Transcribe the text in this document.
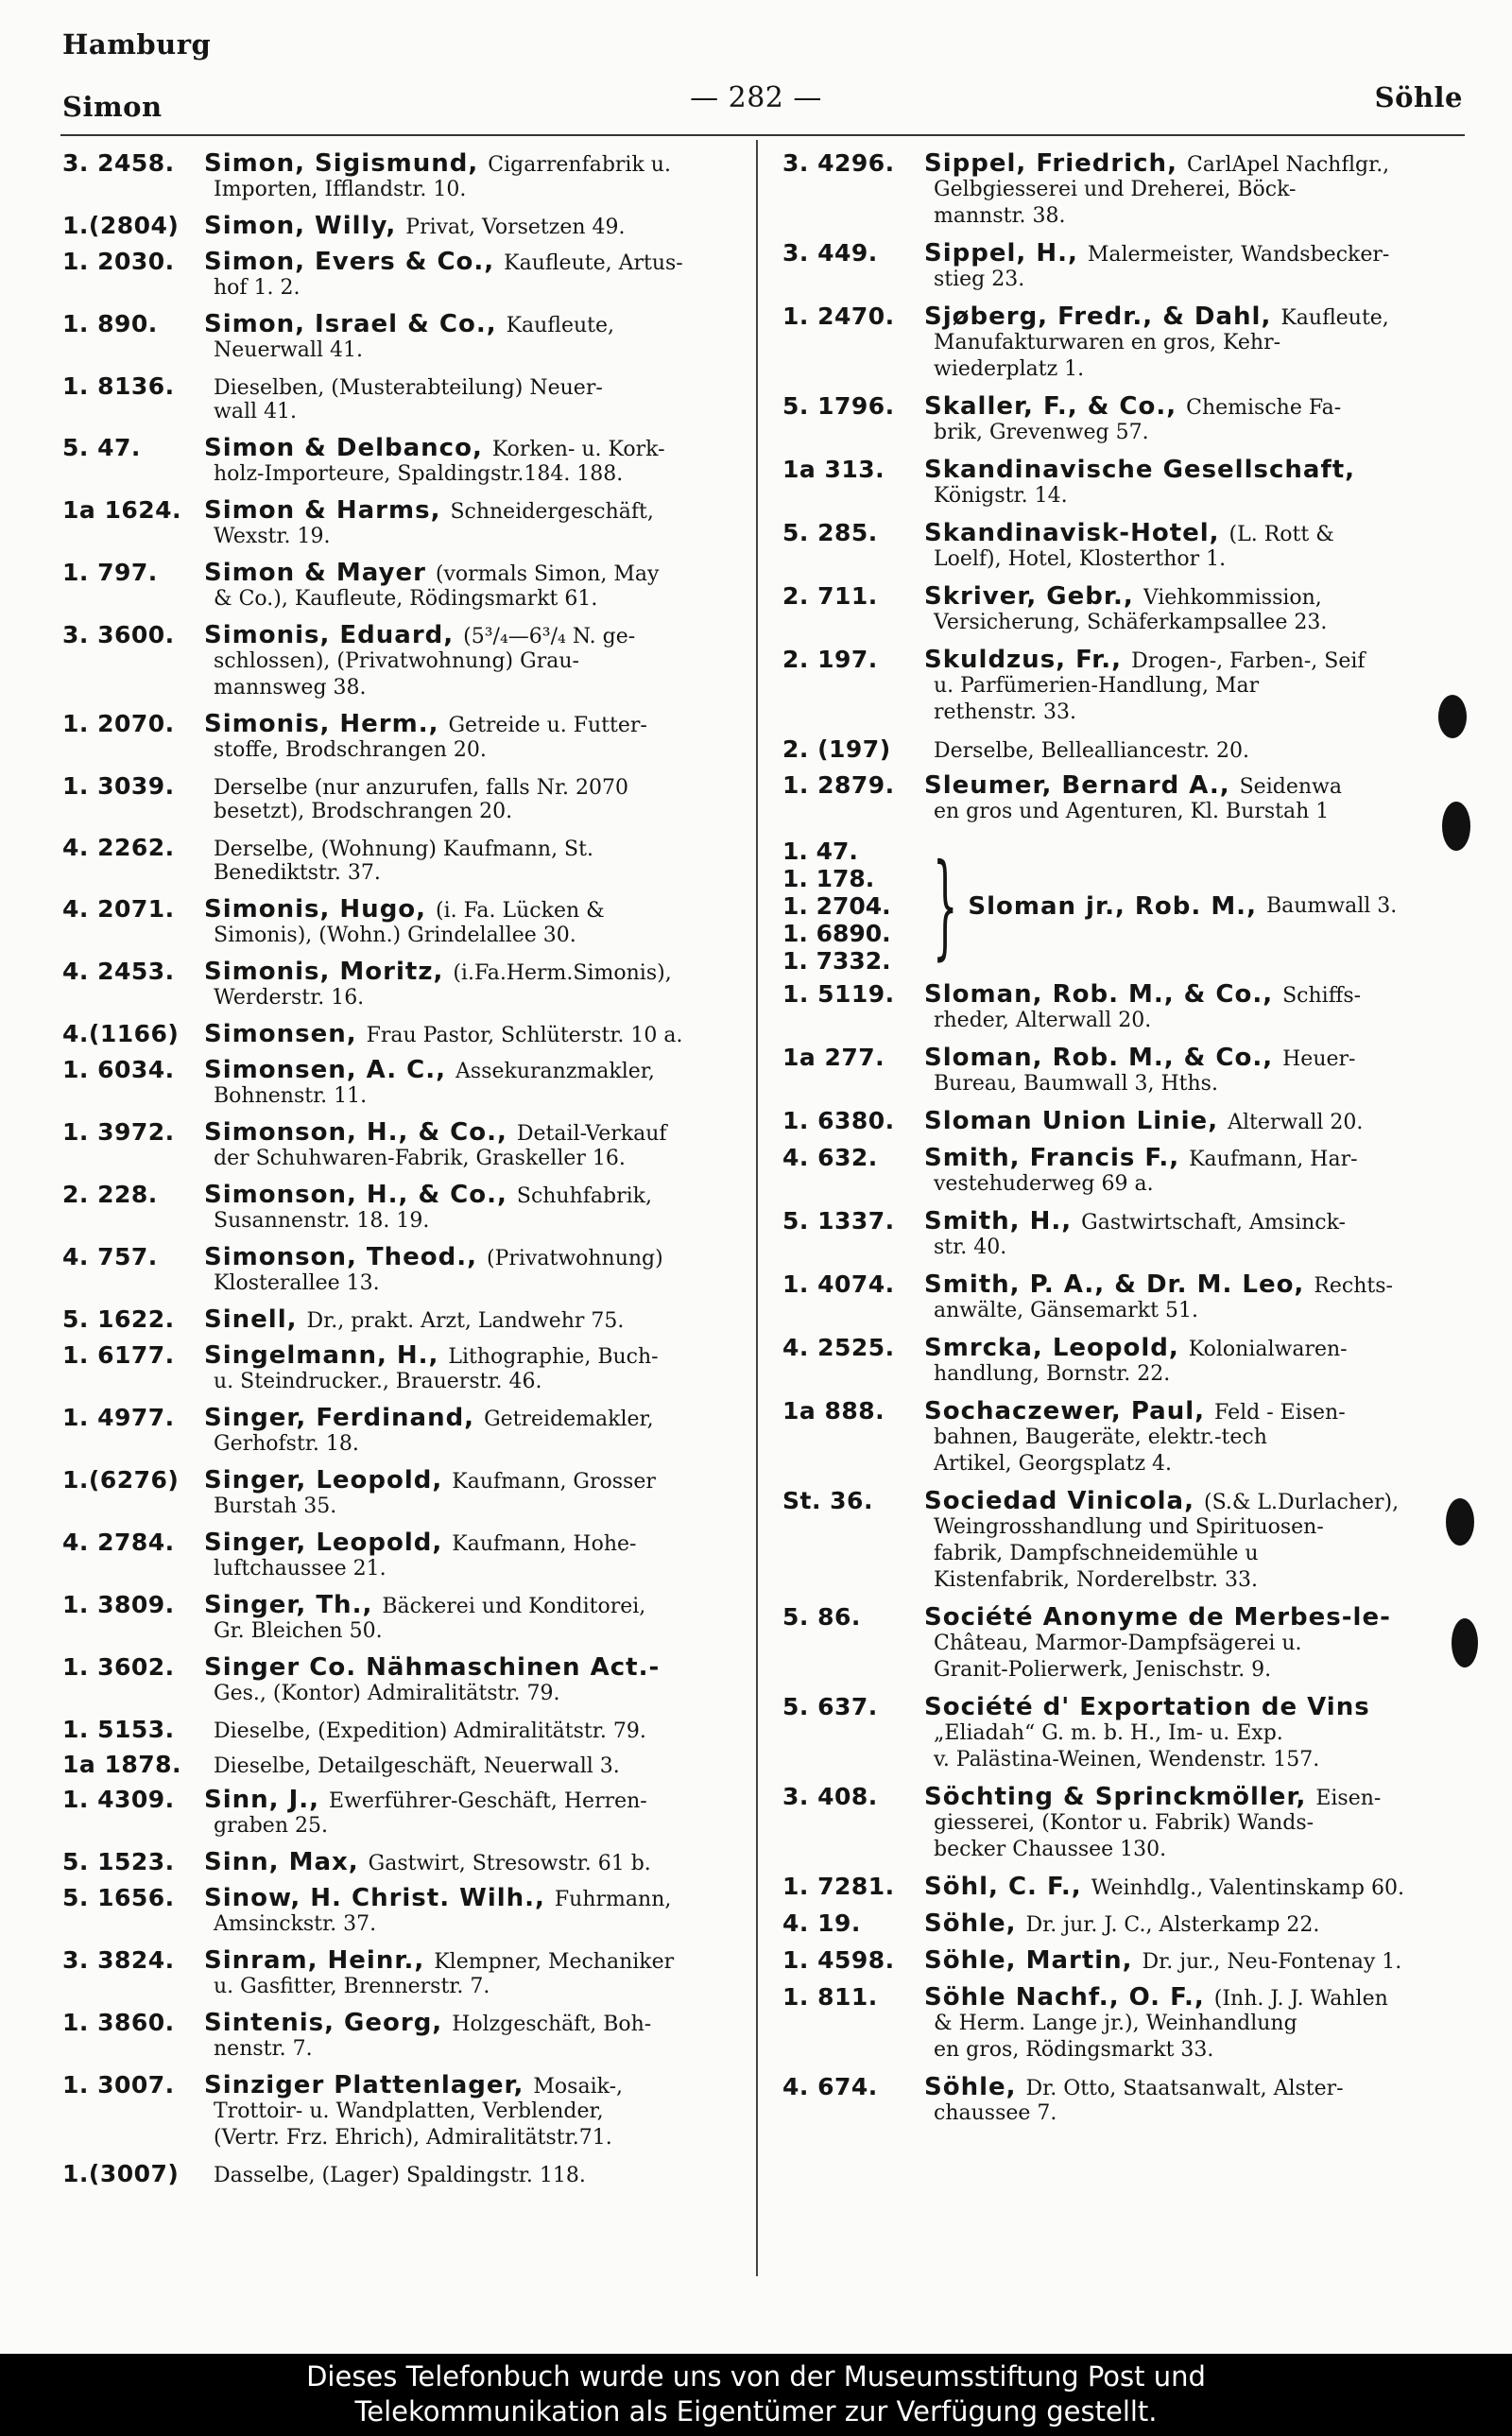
Hamburg
Simon	— 282 —	Söhle
3. 2458.	Simon, Sigismund, Cigarrenfabrik u.
Importen, Ifflandstr. 10.
1.(2804)	Simon, Willy, Privat, Vorsetzen 49.
1. 2030.	Simon, Evers & Co., Kaufleute, Artus-
hof 1. 2.
1. 890.	Simon, Israel & Co., Kaufleute,
Neuerwall 41.
1. 8136.	Dieselben, (Musterabteilung) Neuer-
wall 41.
5. 47.	Simon & Delbanco, Korken- u. Kork-
holz-Importeure, Spaldingstr.184. 188.
1a 1624. Simon & Harms, Schneidergeschäft,
Wexstr. 19.
1. 797.	Simon & Mayer (vormals Simon, May
& Co.), Kaufleute, Rödingsmarkt 61.
3. 3600.	Simonis, Eduard, (5³/₄—6³/₄ N. ge-
schlossen), (Privatwohnung) Grau-
mannsweg 38.
1. 2070.	Simonis, Herm., Getreide u. Futter-
stoffe, Brodschrangen 20.
1. 3039.	Derselbe (nur anzurufen, falls Nr. 2070
besetzt), Brodschrangen 20.
4. 2262.	Derselbe, (Wohnung) Kaufmann, St.
Benediktstr. 37.
4. 2071.	Simonis, Hugo, (i. Fa. Lücken &
Simonis), (Wohn.) Grindelallee 30.
4. 2453.	Simonis, Moritz, (i.Fa.Herm.Simonis),
Werderstr. 16.
4.(1166)	Simonsen, Frau Pastor, Schlüterstr. 10 a.
1. 6034.	Simonsen, A. C., Assekuranzmakler,
Bohnenstr. 11.
1. 3972.	Simonson, H., & Co., Detail-Verkauf
der Schuhwaren-Fabrik, Graskeller 16.
2. 228.	Simonson, H., & Co., Schuhfabrik,
Susannenstr. 18. 19.
4. 757.	Simonson, Theod., (Privatwohnung)
Klosterallee 13.
5. 1622.	Sinell, Dr., prakt. Arzt, Landwehr 75.
1. 6177.	Singelmann, H., Lithographie, Buch-
u. Steindrucker., Brauerstr. 46.
1. 4977.	Singer, Ferdinand, Getreidemakler,
Gerhofstr. 18.
1.(6276)	Singer, Leopold, Kaufmann, Grosser
Burstah 35.
4. 2784.	Singer, Leopold, Kaufmann, Hohe-
luftchaussee 21.
1. 3809.	Singer, Th., Bäckerei und Konditorei,
Gr. Bleichen 50.
1. 3602.	Singer Co. Nähmaschinen Act.-
Ges., (Kontor) Admiralitätstr. 79.
1. 5153.	Dieselbe, (Expedition) Admiralitätstr. 79.
1a 1878.	Dieselbe, Detailgeschäft, Neuerwall 3.
1. 4309.	Sinn, J., Ewerführer-Geschäft, Herren-
graben 25.
5. 1523.	Sinn, Max, Gastwirt, Stresowstr. 61 b.
5. 1656.	Sinow, H. Christ. Wilh., Fuhrmann,
Amsinckstr. 37.
3. 3824.	Sinram, Heinr., Klempner, Mechaniker
u. Gasfitter, Brennerstr. 7.
1. 3860.	Sintenis, Georg, Holzgeschäft, Boh-
nenstr. 7.
1. 3007.	Sinziger Plattenlager, Mosaik-,
Trottoir- u. Wandplatten, Verblender,
(Vertr. Frz. Ehrich), Admiralitätstr.71.
1.(3007)	Dasselbe, (Lager) Spaldingstr. 118.
3. 4296.	Sippel, Friedrich, CarlApel Nachflgr.,
Gelbgiesserei und Dreherei, Böck-
mannstr. 38.
3. 449.	Sippel, H., Malermeister, Wandsbecker-
stieg 23.
1. 2470.	Sjøberg, Fredr., & Dahl, Kaufleute,
Manufakturwaren en gros, Kehr-
wiederplatz 1.
5. 1796.	Skaller, F., & Co., Chemische Fa-
brik, Grevenweg 57.
1a 313.	Skandinavische Gesellschaft,
Königstr. 14.
5. 285.	Skandinavisk-Hotel, (L. Rott &
Loelf), Hotel, Klosterthor 1.
2. 711.	Skriver, Gebr., Viehkommission,
Versicherung, Schäferkampsallee 23.
2. 197.	Skuldzus, Fr., Drogen-, Farben-, Seif
u. Parfümerien-Handlung, Mar
rethenstr. 33.
2. (197)	Derselbe, Bellealliancestr. 20.
1. 2879.	Sleumer, Bernard A., Seidenwa
en gros und Agenturen, Kl. Burstah 1
1. 47.
1. 178.
1. 2704.
1. 6890.
1. 7332. } Sloman jr., Rob. M., Baumwall 3.
1. 5119.	Sloman, Rob. M., & Co., Schiffs-
rheder, Alterwall 20.
1a 277.	Sloman, Rob. M., & Co., Heuer-
Bureau, Baumwall 3, Hths.
1. 6380.	Sloman Union Linie, Alterwall 20.
4. 632.	Smith, Francis F., Kaufmann, Har-
vestehuderweg 69 a.
5. 1337.	Smith, H., Gastwirtschaft, Amsinck-
str. 40.
1. 4074.	Smith, P. A., & Dr. M. Leo, Rechts-
anwälte, Gänsemarkt 51.
4. 2525.	Smrcka, Leopold, Kolonialwaren-
handlung, Bornstr. 22.
1a 888.	Sochaczewer, Paul, Feld - Eisen-
bahnen, Baugeräte, elektr.-tech
Artikel, Georgsplatz 4.
St. 36.	Sociedad Vinicola, (S.& L.Durlacher),
Weingrosshandlung und Spirituosen-
fabrik, Dampfschneidemühle u
Kistenfabrik, Norderelbstr. 33.
5. 86.	Société Anonyme de Merbes-le-
Château, Marmor-Dampfsägerei u.
Granit-Polierwerk, Jenischstr. 9.
5. 637.	Société d' Exportation de Vins
„Eliadah“ G. m. b. H., Im- u. Exp.
v. Palästina-Weinen, Wendenstr. 157.
3. 408.	Söchting & Sprinckmöller, Eisen-
giesserei, (Kontor u. Fabrik) Wands-
becker Chaussee 130.
1. 7281.	Söhl, C. F., Weinhdlg., Valentinskamp 60.
4. 19.	Söhle, Dr. jur. J. C., Alsterkamp 22.
1. 4598.	Söhle, Martin, Dr. jur., Neu-Fontenay 1.
1. 811.	Söhle Nachf., O. F., (Inh. J. J. Wahlen
& Herm. Lange jr.), Weinhandlung
en gros, Rödingsmarkt 33.
4. 674.	Söhle, Dr. Otto, Staatsanwalt, Alster-
chaussee 7.
Dieses Telefonbuch wurde uns von der Museumsstiftung Post und
Telekommunikation als Eigentümer zur Verfügung gestellt.
